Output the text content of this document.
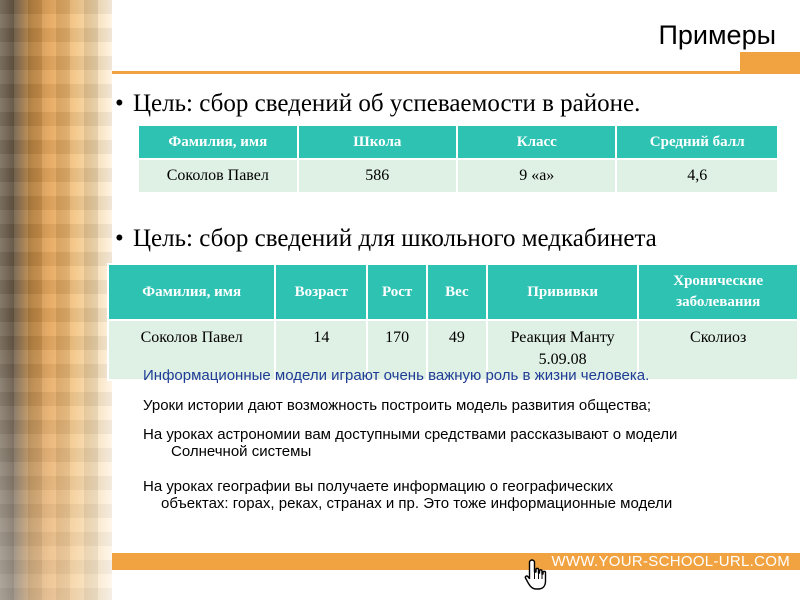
Примеры
• Цель: сбор сведений об успеваемости в районе.
Фамилия, имя	Школа	Класс	Средний балл
Соколов Павел	586	9 «а»	4,6
• Цель: сбор сведений для школьного медкабинета
Фамилия, имя	Возраст	Рост	Вес	Прививки	Хронические заболевания
Соколов Павел	14	170	49	Реакция Манту 5.09.08	Сколиоз
Информационные модели играют очень важную роль в жизни человека.
Уроки истории дают возможность построить модель развития общества;
На уроках астрономии вам доступными средствами рассказывают о модели
Солнечной системы
На уроках географии вы получаете информацию о географических
объектах: горах, реках, странах и пр. Это тоже информационные модели
WWW.YOUR-SCHOOL-URL.COM
